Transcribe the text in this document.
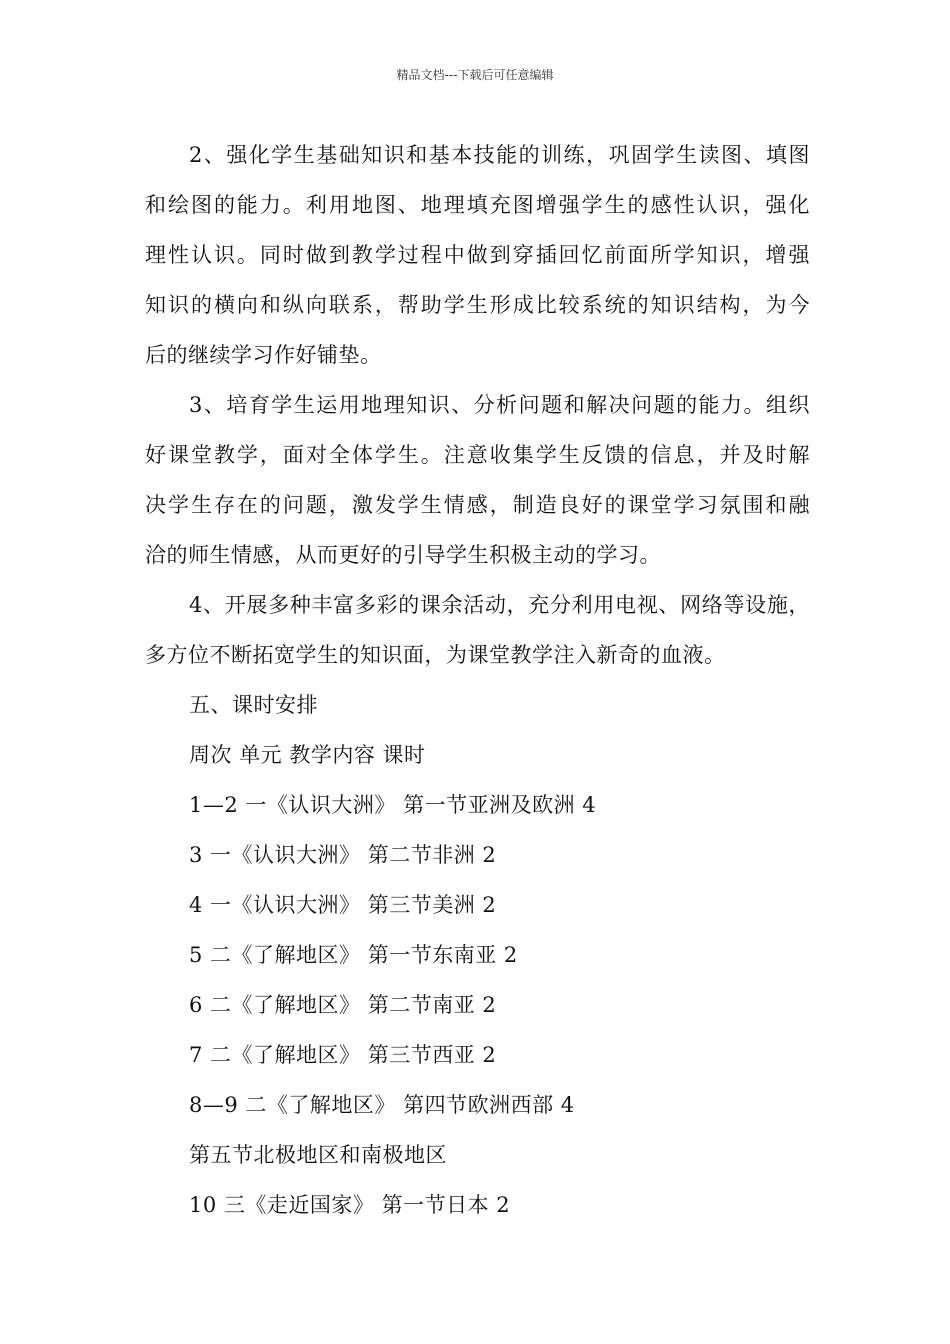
精品文档---下载后可任意编辑
2、强化学生基础知识和基本技能的训练，巩固学生读图、填图
和绘图的能力。利用地图、地理填充图增强学生的感性认识，强化
理性认识。同时做到教学过程中做到穿插回忆前面所学知识，增强
知识的横向和纵向联系，帮助学生形成比较系统的知识结构，为今
后的继续学习作好铺垫。
3、培育学生运用地理知识、分析问题和解决问题的能力。组织
好课堂教学，面对全体学生。注意收集学生反馈的信息，并及时解
决学生存在的问题，激发学生情感，制造良好的课堂学习氛围和融
洽的师生情感，从而更好的引导学生积极主动的学习。
4、开展多种丰富多彩的课余活动，充分利用电视、网络等设施，
多方位不断拓宽学生的知识面，为课堂教学注入新奇的血液。
五、课时安排
周次 单元 教学内容 课时
1—2 一《认识大洲》 第一节亚洲及欧洲 4
3 一《认识大洲》 第二节非洲 2
4 一《认识大洲》 第三节美洲 2
5 二《了解地区》 第一节东南亚 2
6 二《了解地区》 第二节南亚 2
7 二《了解地区》 第三节西亚 2
8—9 二《了解地区》 第四节欧洲西部 4
第五节北极地区和南极地区
10 三《走近国家》 第一节日本 2
